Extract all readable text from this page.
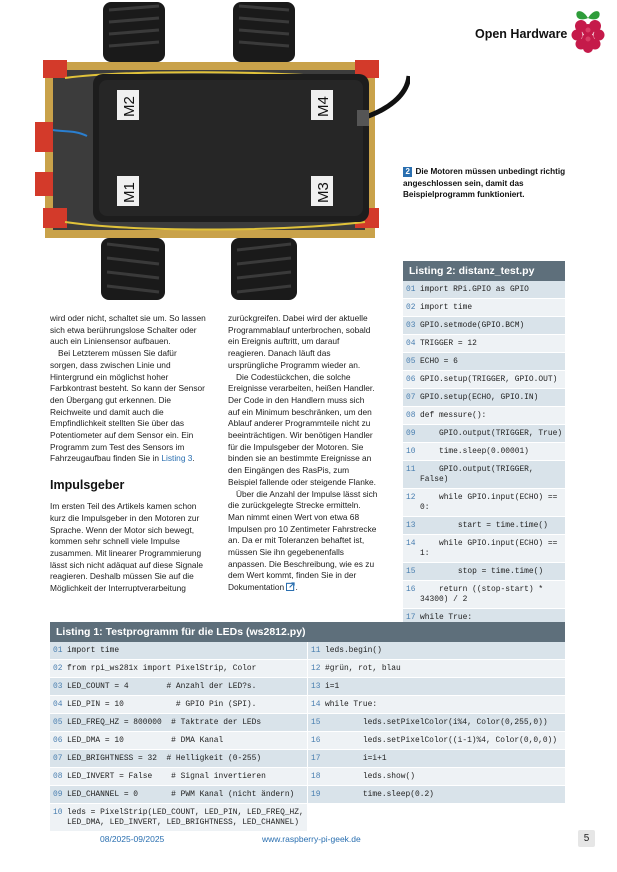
Open Hardware
M2	M4
M1	M3
2 Die Motoren müssen unbedingt richtig angeschlossen sein, damit das Beispielprogramm funktioniert.

wird oder nicht, schaltet sie um. So lassen sich etwa berührungslose Schalter oder auch ein Liniensensor aufbauen.

Bei Letzterem müssen Sie dafür sorgen, dass zwischen Linie und Hintergrund ein möglichst hoher Farbkontrast besteht. So kann der Sensor den Übergang gut erkennen. Die Reichweite und damit auch die Empfindlichkeit stellten Sie über das Potentiometer auf dem Sensor ein. Ein Programm zum Test des Sensors im Fahrzeugaufbau finden Sie in Listing 3.

Impulsgeber

Im ersten Teil des Artikels kamen schon kurz die Impulsgeber in den Motoren zur Sprache. Wenn der Motor sich bewegt, kommen sehr schnell viele Impulse zusammen. Mit linearer Programmierung lässt sich nicht adäquat auf diese Signale reagieren. Deshalb müssen Sie auf die Möglichkeit der Interruptverarbeitung

zurückgreifen. Dabei wird der aktuelle Programmablauf unterbrochen, sobald ein Ereignis auftritt, um darauf reagieren. Danach läuft das ursprüngliche Programm wieder an.

Die Codestückchen, die solche Ereignisse verarbeiten, heißen Handler. Der Code in den Handlern muss sich auf ein Minimum beschränken, um den Ablauf anderer Programmteile nicht zu beeinträchtigen. Wir benötigen Handler für die Impulsgeber der Motoren. Sie binden sie an bestimmte Ereignisse an den Eingängen des RasPis, zum Beispiel fallende oder steigende Flanke.

Über die Anzahl der Impulse lässt sich die zurückgelegte Strecke ermitteln. Man nimmt einen Wert von etwa 68 Impulsen pro 10 Zentimeter Fahrstrecke an. Da er mit Toleranzen behaftet ist, müssen Sie ihn gegebenenfalls anpassen. Die Beschreibung, wie es zu dem Wert kommt, finden Sie in der Dokumentation .

Listing 2: distanz_test.py
01 import RPi.GPIO as GPIO
02 import time
03 GPIO.setmode(GPIO.BCM)
04 TRIGGER = 12
05 ECHO = 6
06 GPIO.setup(TRIGGER, GPIO.OUT)
07 GPIO.setup(ECHO, GPIO.IN)
08 def messure():
09 GPIO.output(TRIGGER, True)
10 time.sleep(0.00001)
11 GPIO.output(TRIGGER, False)
12 while GPIO.input(ECHO) == 0:
13 start = time.time()
14 while GPIO.input(ECHO) == 1:
15 stop = time.time()
16 return ((stop-start) * 34300) / 2
17 while True:
Listing 1: Testprogramm für die LEDs (ws2812.py)
01 import time
02 from rpi_ws281x import PixelStrip, Color
03 LED_COUNT = 4        # Anzahl der LED?s.
04 LED_PIN = 10           # GPIO Pin (SPI).
05 LED_FREQ_HZ = 800000  # Taktrate der LEDs
06 LED_DMA = 10          # DMA Kanal
07 LED_BRIGHTNESS = 32  # Helligkeit (0-255)
08 LED_INVERT = False    # Signal invertieren
09 LED_CHANNEL = 0       # PWM Kanal (nicht ändern)
10 leds = PixelStrip(LED_COUNT, LED_PIN, LED_FREQ_HZ, LED_DMA, LED_INVERT, LED_BRIGHTNESS, LED_CHANNEL)
11 leds.begin()
12 #grün, rot, blau
13 i=1
14 while True:
15 leds.setPixelColor(i%4, Color(0,255,0))
16 leds.setPixelColor((i-1)%4, Color(0,0,0))
17 i=i+1
18 leds.show()
19 time.sleep(0.2)
08/2025-09/2025	www.raspberry-pi-geek.de	5
